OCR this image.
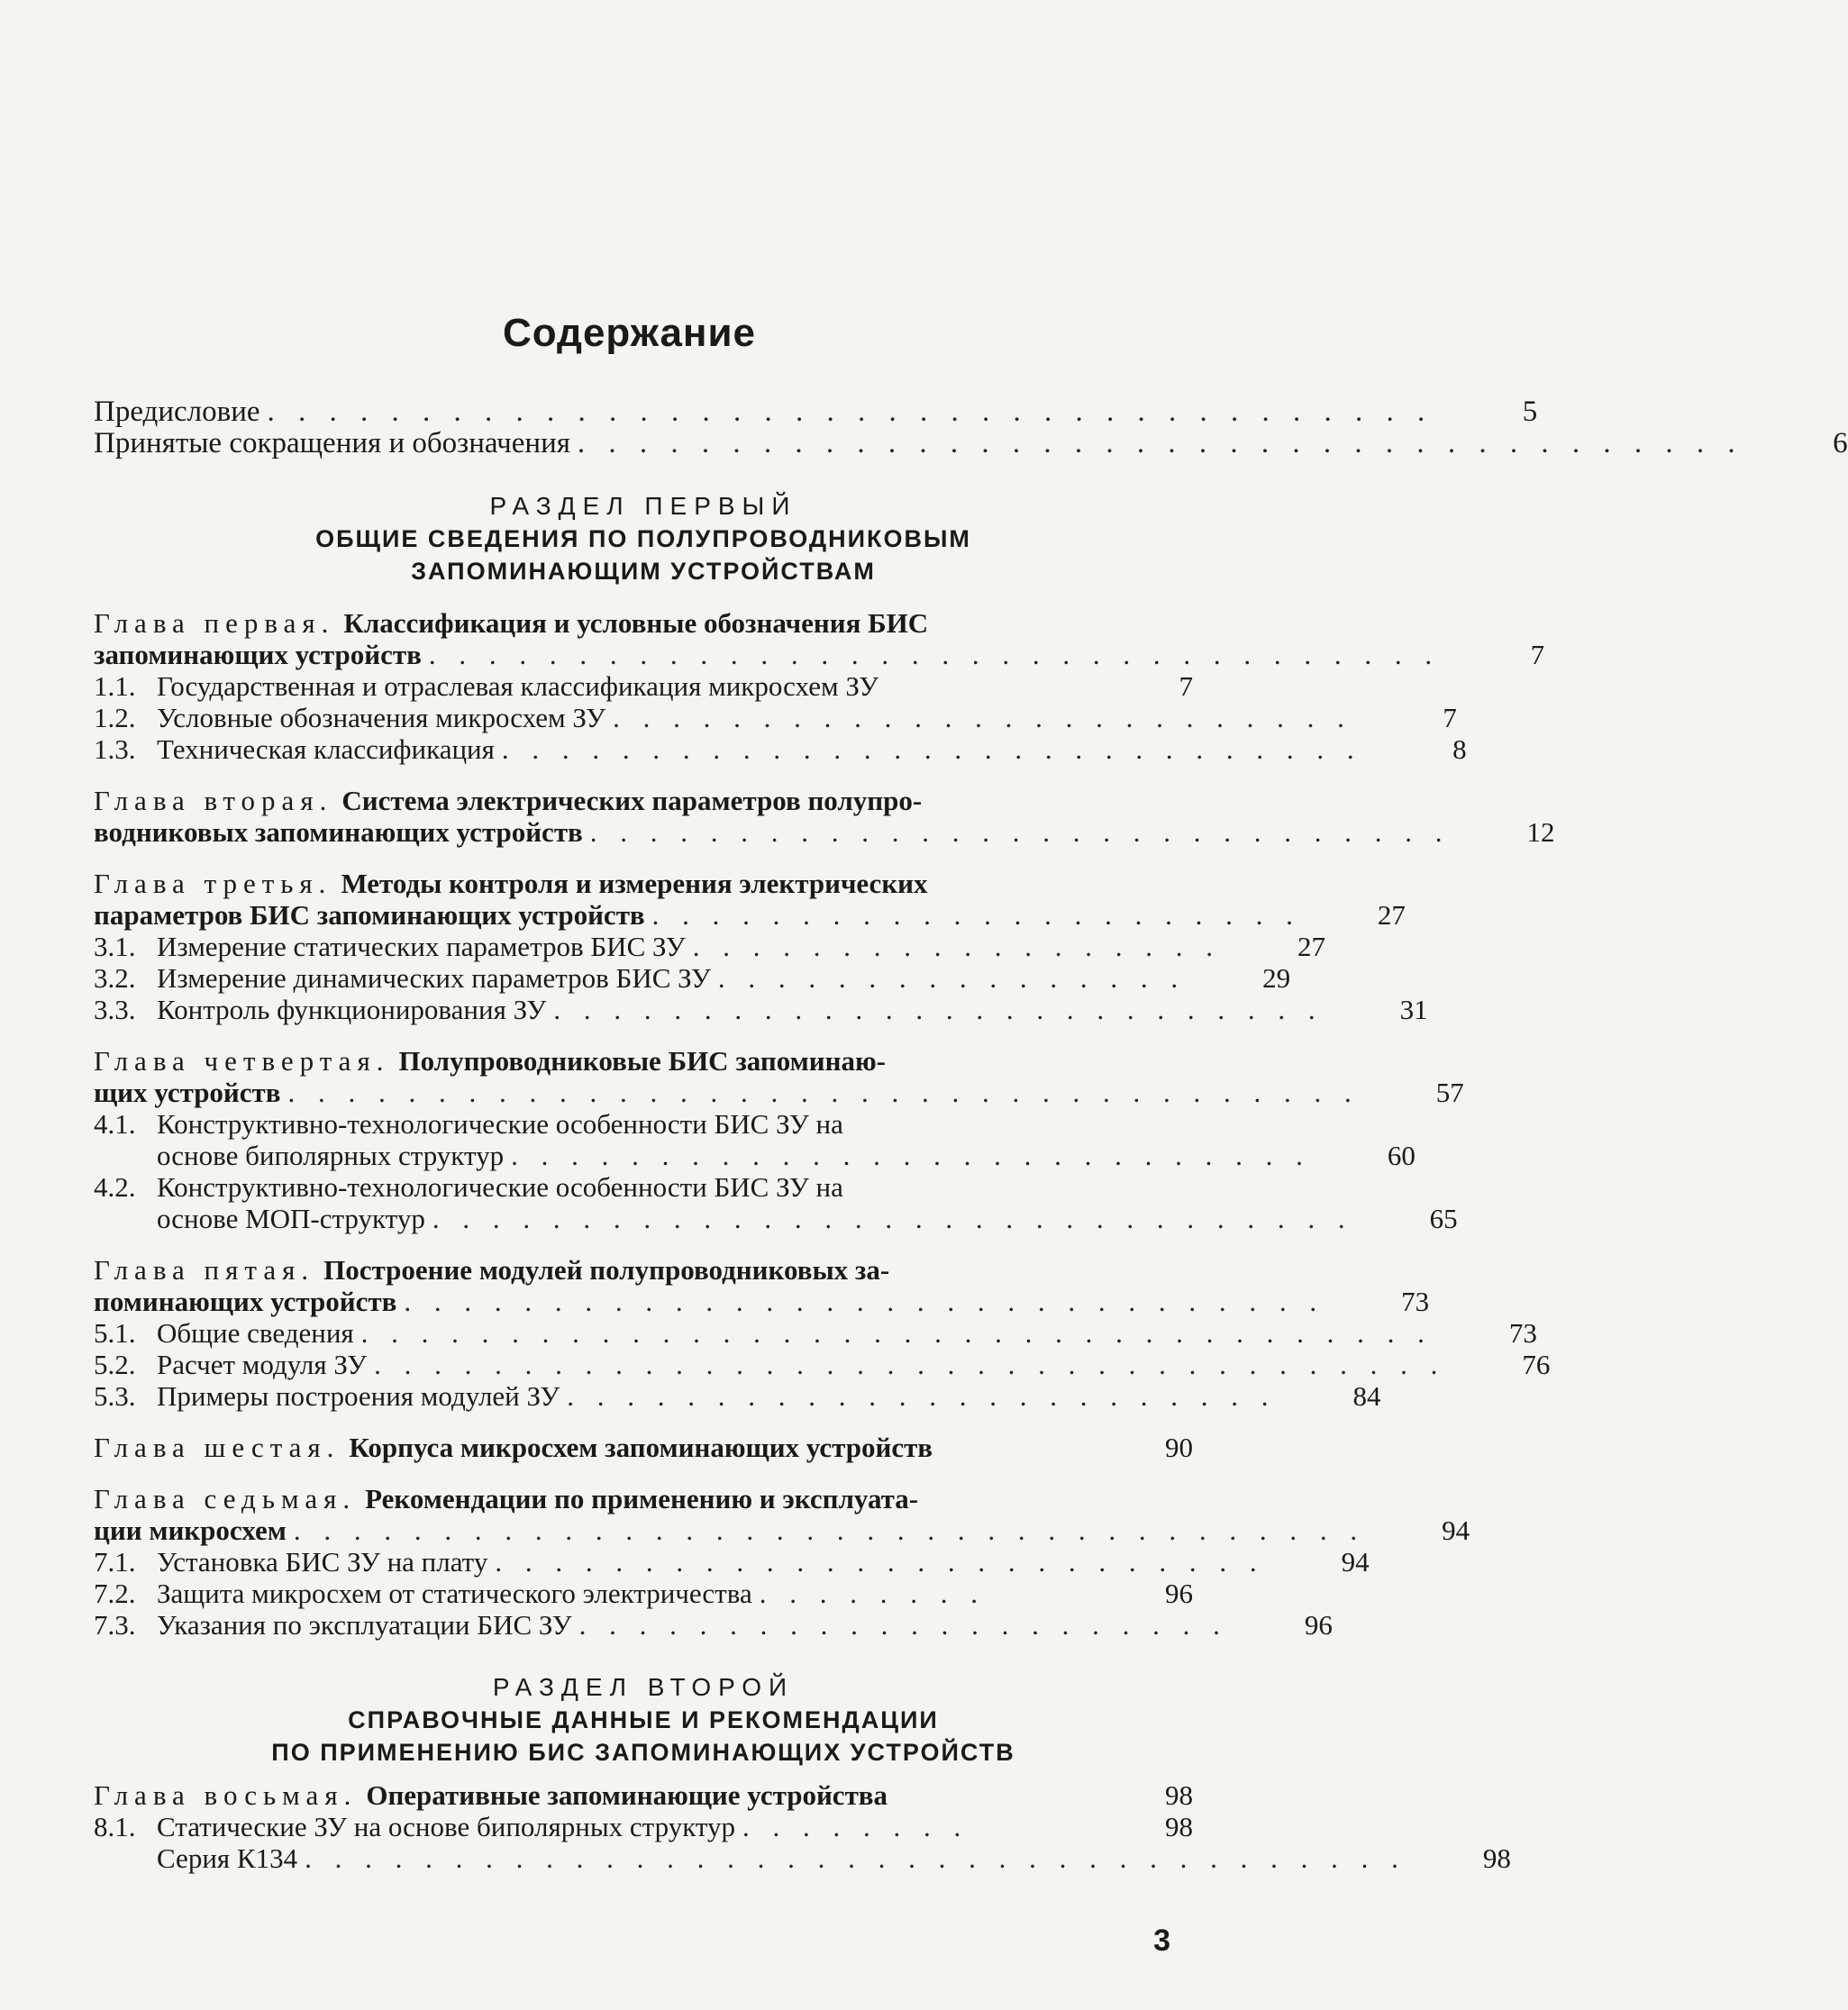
Содержание
Предисловие . . . . . . . . . . . . . . . . . . . . . . . . . . . . . . . . . . . . . .	5
Принятые сокращения и обозначения . . . . . . . . . . . . . . . . . . . . . . . . . . . . . . . . . . . . . .	6
РАЗДЕЛ ПЕРВЫЙ
ОБЩИЕ СВЕДЕНИЯ ПО ПОЛУПРОВОДНИКОВЫМ
ЗАПОМИНАЮЩИМ УСТРОЙСТВАМ
Глава первая. Классификация и условные обозначения БИС
запоминающих устройств . . . . . . . . . . . . . . . . . . . . . . . . . . . . . . . . . .	7
1.1. Государственная и отраслевая классификация микросхем ЗУ	7
1.2. Условные обозначения микросхем ЗУ . . . . . . . . . . . . . . . . . . . . . . . . .	7
1.3. Техническая классификация . . . . . . . . . . . . . . . . . . . . . . . . . . . . .	8
Глава вторая. Система электрических параметров полупро-
водниковых запоминающих устройств . . . . . . . . . . . . . . . . . . . . . . . . . . . . .	12
Глава третья. Методы контроля и измерения электрических
параметров БИС запоминающих устройств . . . . . . . . . . . . . . . . . . . . . .	27
3.1. Измерение статических параметров БИС ЗУ . . . . . . . . . . . . . . . . . .	27
3.2. Измерение динамических параметров БИС ЗУ . . . . . . . . . . . . . . . .	29
3.3. Контроль функционирования ЗУ . . . . . . . . . . . . . . . . . . . . . . . . . .	31
Глава четвертая. Полупроводниковые БИС запоминаю-
щих устройств . . . . . . . . . . . . . . . . . . . . . . . . . . . . . . . . . . . .	57
4.1. Конструктивно-технологические особенности БИС ЗУ на
основе биполярных структур . . . . . . . . . . . . . . . . . . . . . . . . . . .	60
4.2. Конструктивно-технологические особенности БИС ЗУ на
основе МОП-структур . . . . . . . . . . . . . . . . . . . . . . . . . . . . . . .	65
Глава пятая. Построение модулей полупроводниковых за-
поминающих устройств . . . . . . . . . . . . . . . . . . . . . . . . . . . . . . .	73
5.1. Общие сведения . . . . . . . . . . . . . . . . . . . . . . . . . . . . . . . . . . . .	73
5.2. Расчет модуля ЗУ . . . . . . . . . . . . . . . . . . . . . . . . . . . . . . . . . . . .	76
5.3. Примеры построения модулей ЗУ . . . . . . . . . . . . . . . . . . . . . . . .	84
Глава шестая. Корпуса микросхем запоминающих устройств	90
Глава седьмая. Рекомендации по применению и эксплуата-
ции микросхем . . . . . . . . . . . . . . . . . . . . . . . . . . . . . . . . . . . .	94
7.1. Установка БИС ЗУ на плату . . . . . . . . . . . . . . . . . . . . . . . . . .	94
7.2. Защита микросхем от статического электричества . . . . . . . .	96
7.3. Указания по эксплуатации БИС ЗУ . . . . . . . . . . . . . . . . . . . . . .	96
РАЗДЕЛ ВТОРОЙ
СПРАВОЧНЫЕ ДАННЫЕ И РЕКОМЕНДАЦИИ
ПО ПРИМЕНЕНИЮ БИС ЗАПОМИНАЮЩИХ УСТРОЙСТВ
Глава восьмая. Оперативные запоминающие устройства	98
8.1. Статические ЗУ на основе биполярных структур . . . . . . . .	98
Серия К134 . . . . . . . . . . . . . . . . . . . . . . . . . . . . . . . . . . . . .	98
3
